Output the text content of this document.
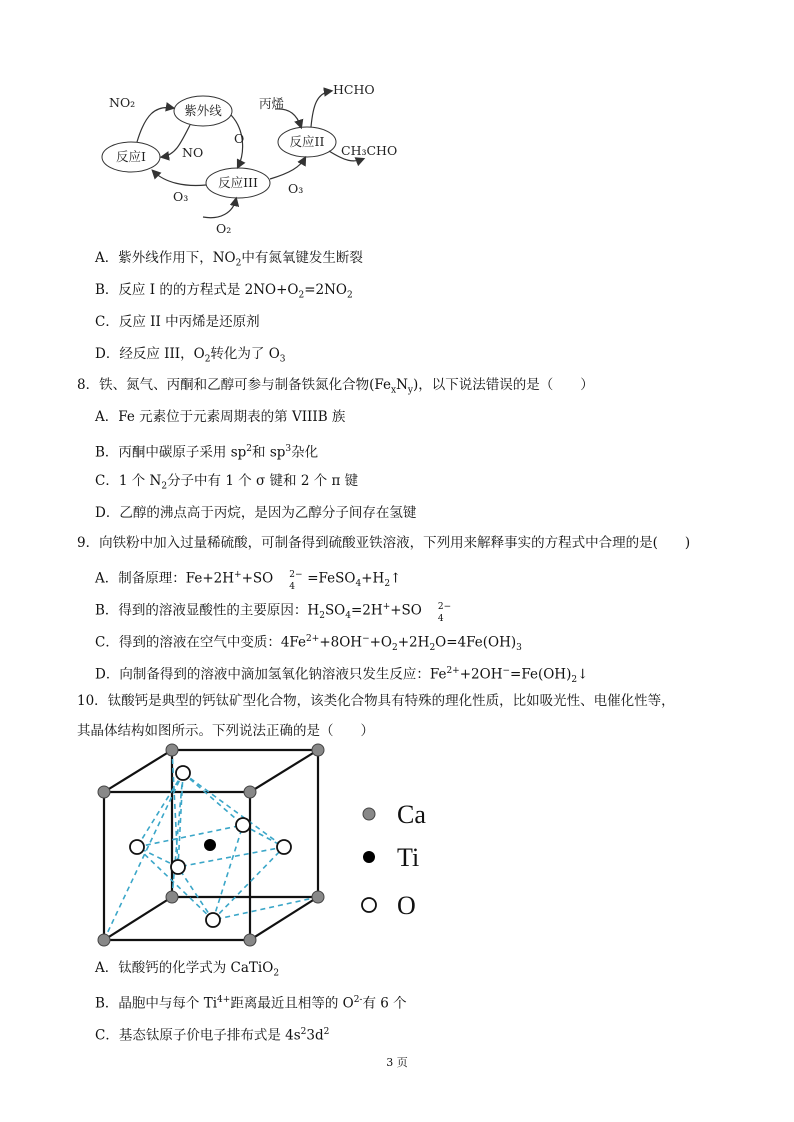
紫外线
反应I
反应III
反应II
NO₂
NO
O
O₃
O₃
O₂
丙烯
HCHO
CH₃CHO
A．紫外线作用下，$NO_2$中有氮氧键发生断裂
B．反应 I 的的方程式是 $2NO+O_2=2NO_2$
C．反应 II 中丙烯是还原剂
D．经反应 III，$O_2$转化为了 $O_3$
8．铁、氮气、丙酮和乙醇可参与制备铁氮化合物$(Fe_xN_y)$，以下说法错误的是（　　）
A．Fe 元素位于元素周期表的第 VIIIB 族
B．丙酮中碳原子采用 $sp^2$和 $sp^3$杂化
C．1 个 $N_2$分子中有 1 个 σ 键和 2 个 π 键
D．乙醇的沸点高于丙烷，是因为乙醇分子间存在氢键
9．向铁粉中加入过量稀硫酸，可制备得到硫酸亚铁溶液，下列用来解释事实的方程式中合理的是(　　)
A．制备原理：Fe+2H++SO 2−
4
$=FeSO_4+H_2↑$
B．得到的溶液显酸性的主要原因：$H_2SO_4=2H^++SO$ 2−
4
C．得到的溶液在空气中变质：$4Fe^{2+}+8OH^-+O_2+2H_2O=4Fe(OH)_3$
D．向制备得到的溶液中滴加氢氧化钠溶液只发生反应：$Fe^{2+}+2OH^-=Fe(OH)_2↓$
10．钛酸钙是典型的钙钛矿型化合物，该类化合物具有特殊的理化性质，比如吸光性、电催化性等，
其晶体结构如图所示。下列说法正确的是（　　）
Ca
Ti
O
A．钛酸钙的化学式为 CaTiO$_2$
B．晶胞中与每个 $Ti^{4+}$距离最近且相等的 $O^{2-}$有 6 个
C．基态钛原子价电子排布式是 $4s^23d^2$
3 页
